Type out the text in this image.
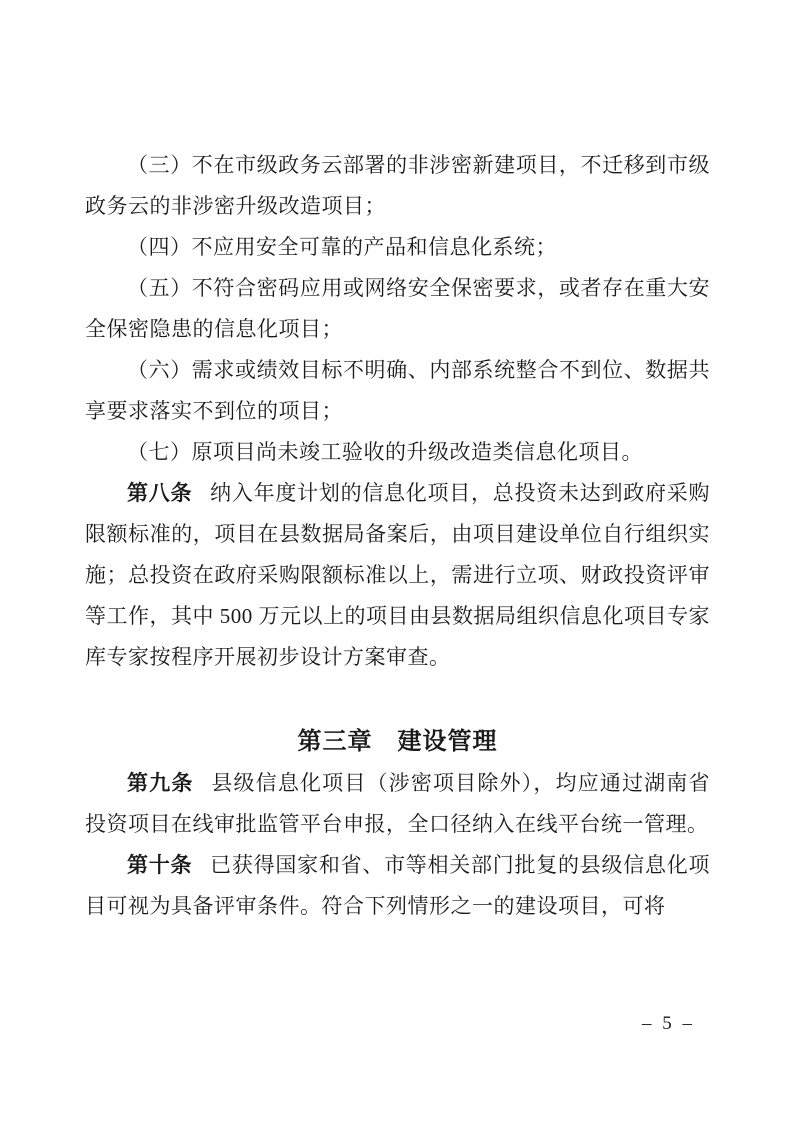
（三）不在市级政务云部署的非涉密新建项目，不迁移到市级政务云的非涉密升级改造项目；

（四）不应用安全可靠的产品和信息化系统；

（五）不符合密码应用或网络安全保密要求，或者存在重大安全保密隐患的信息化项目；

（六）需求或绩效目标不明确、内部系统整合不到位、数据共享要求落实不到位的项目；

（七）原项目尚未竣工验收的升级改造类信息化项目。

第八条 纳入年度计划的信息化项目，总投资未达到政府采购限额标准的，项目在县数据局备案后，由项目建设单位自行组织实施；总投资在政府采购限额标准以上，需进行立项、财政投资评审等工作，其中 500 万元以上的项目由县数据局组织信息化项目专家库专家按程序开展初步设计方案审查。

第三章　建设管理

第九条 县级信息化项目（涉密项目除外），均应通过湖南省投资项目在线审批监管平台申报，全口径纳入在线平台统一管理。

第十条 已获得国家和省、市等相关部门批复的县级信息化项目可视为具备评审条件。符合下列情形之一的建设项目，可将

– 5 –
